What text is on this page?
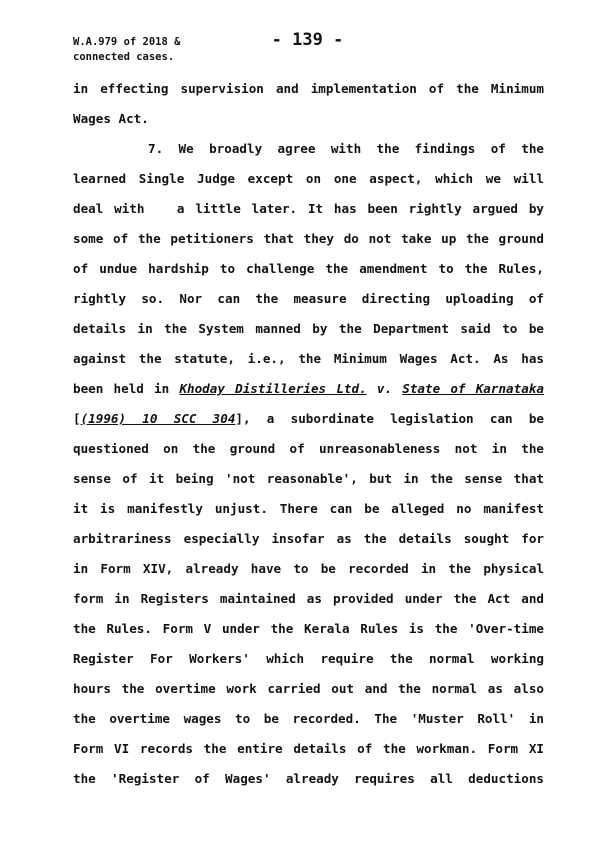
W.A.979 of 2018 &
connected cases.
- 139 -
in effecting supervision and implementation of the Minimum
Wages Act.
7. We broadly agree with the findings of the
learned Single Judge except on one aspect, which we will
deal with   a little later. It has been rightly argued by
some of the petitioners that they do not take up the ground
of undue hardship to challenge the amendment to the Rules,
rightly so. Nor can the measure directing uploading of
details in the System manned by the Department said to be
against the statute, i.e., the Minimum Wages Act. As has
been held in Khoday Distilleries Ltd. v. State of Karnataka
[(1996) 10 SCC 304], a subordinate legislation can be
questioned on the ground of unreasonableness not in the
sense of it being 'not reasonable', but in the sense that
it is manifestly unjust. There can be alleged no manifest
arbitrariness especially insofar as the details sought for
in Form XIV, already have to be recorded in the physical
form in Registers maintained as provided under the Act and
the Rules. Form V under the Kerala Rules is the 'Over-time
Register For Workers' which require the normal working
hours the overtime work carried out and the normal as also
the overtime wages to be recorded. The 'Muster Roll' in
Form VI records the entire details of the workman. Form XI
the 'Register of Wages' already requires all deductions
